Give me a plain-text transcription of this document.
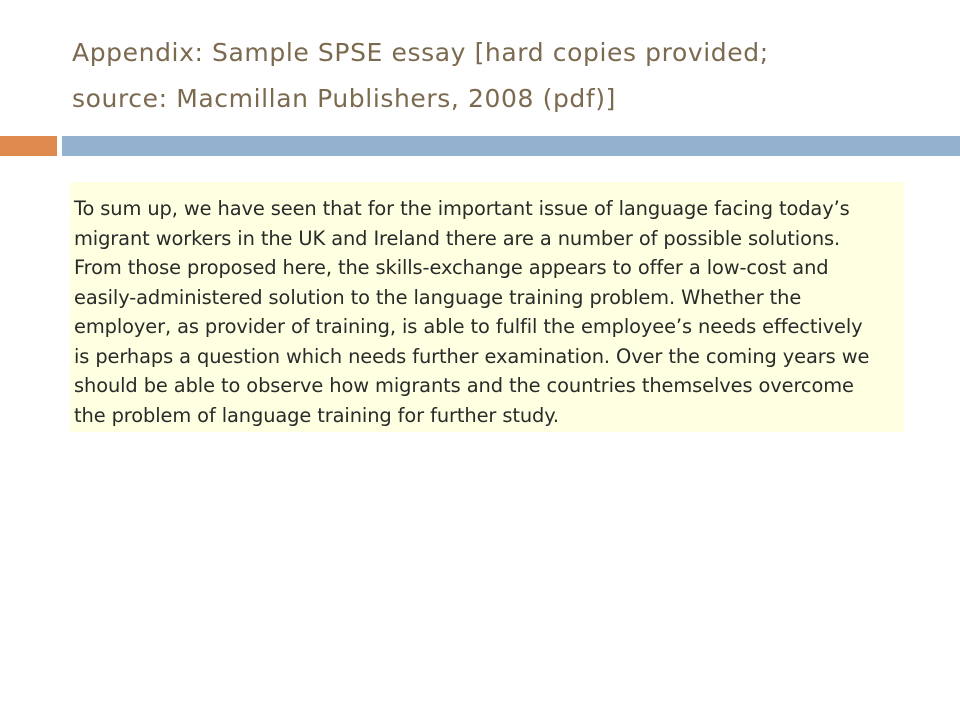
Appendix: Sample SPSE essay [hard copies provided;
source: Macmillan Publishers, 2008 (pdf)]
To sum up, we have seen that for the important issue of language facing today’s
migrant workers in the UK and Ireland there are a number of possible solutions.
From those proposed here, the skills-exchange appears to offer a low-cost and
easily-administered solution to the language training problem. Whether the
employer, as provider of training, is able to fulfil the employee’s needs effectively
is perhaps a question which needs further examination. Over the coming years we
should be able to observe how migrants and the countries themselves overcome
the problem of language training for further study.
